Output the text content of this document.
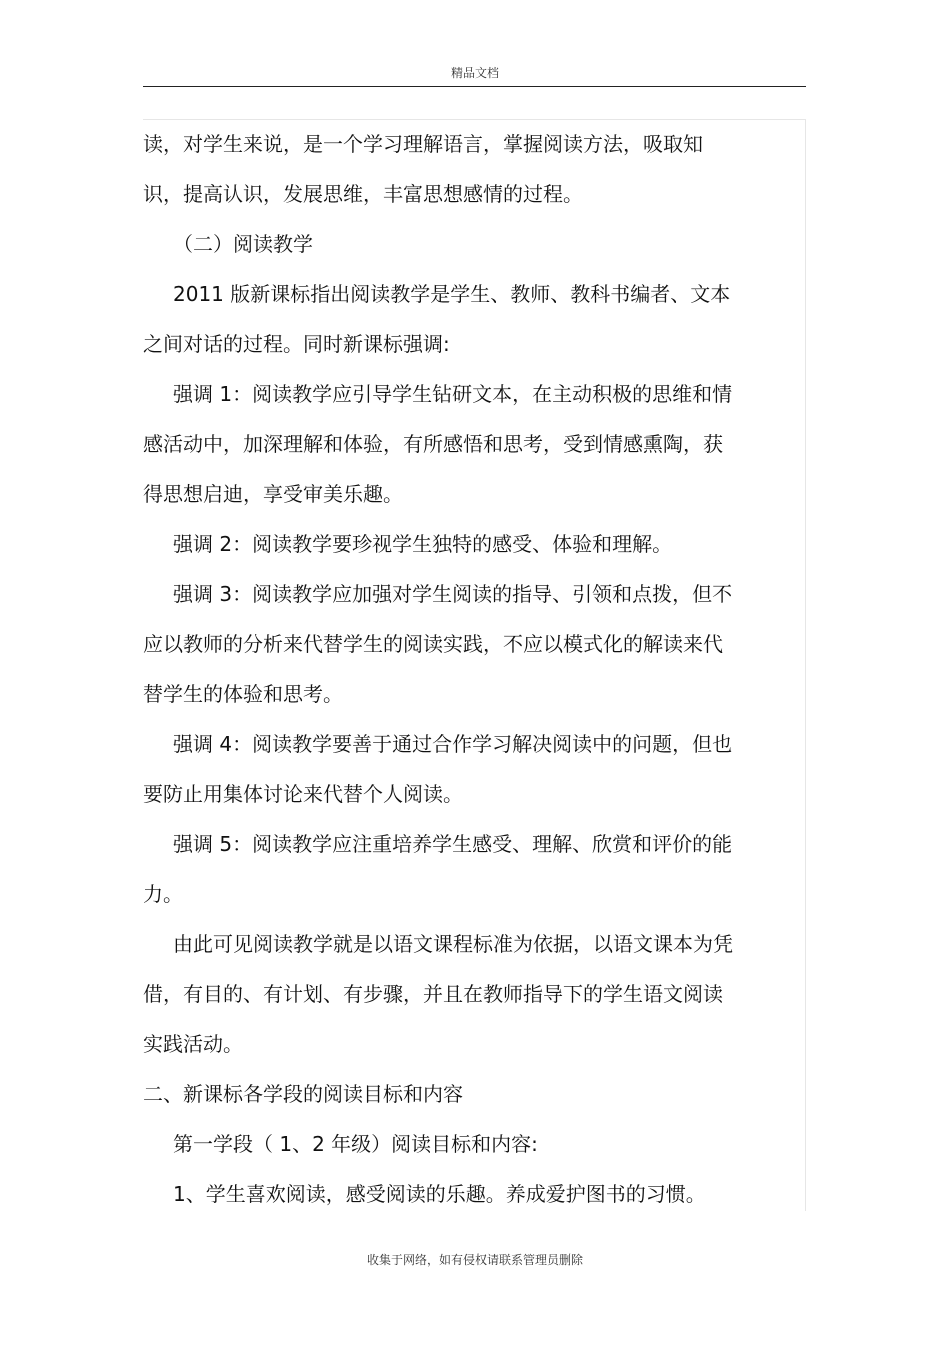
精品文档
读，对学生来说，是一个学习理解语言，掌握阅读方法，吸取知
识，提高认识，发展思维，丰富思想感情的过程。
（二）阅读教学
2011 版新课标指出阅读教学是学生、教师、教科书编者、文本
之间对话的过程。同时新课标强调:
强调 1：阅读教学应引导学生钻研文本，在主动积极的思维和情
感活动中，加深理解和体验，有所感悟和思考，受到情感熏陶，获
得思想启迪，享受审美乐趣。
强调 2：阅读教学要珍视学生独特的感受、体验和理解。
强调 3：阅读教学应加强对学生阅读的指导、引领和点拨，但不
应以教师的分析来代替学生的阅读实践，不应以模式化的解读来代
替学生的体验和思考。
强调 4：阅读教学要善于通过合作学习解决阅读中的问题，但也
要防止用集体讨论来代替个人阅读。
强调 5：阅读教学应注重培养学生感受、理解、欣赏和评价的能
力。
由此可见阅读教学就是以语文课程标准为依据，以语文课本为凭
借，有目的、有计划、有步骤，并且在教师指导下的学生语文阅读
实践活动。
二、新课标各学段的阅读目标和内容
第一学段（ 1、2 年级）阅读目标和内容:
1、学生喜欢阅读，感受阅读的乐趣。养成爱护图书的习惯。
收集于网络，如有侵权请联系管理员删除
